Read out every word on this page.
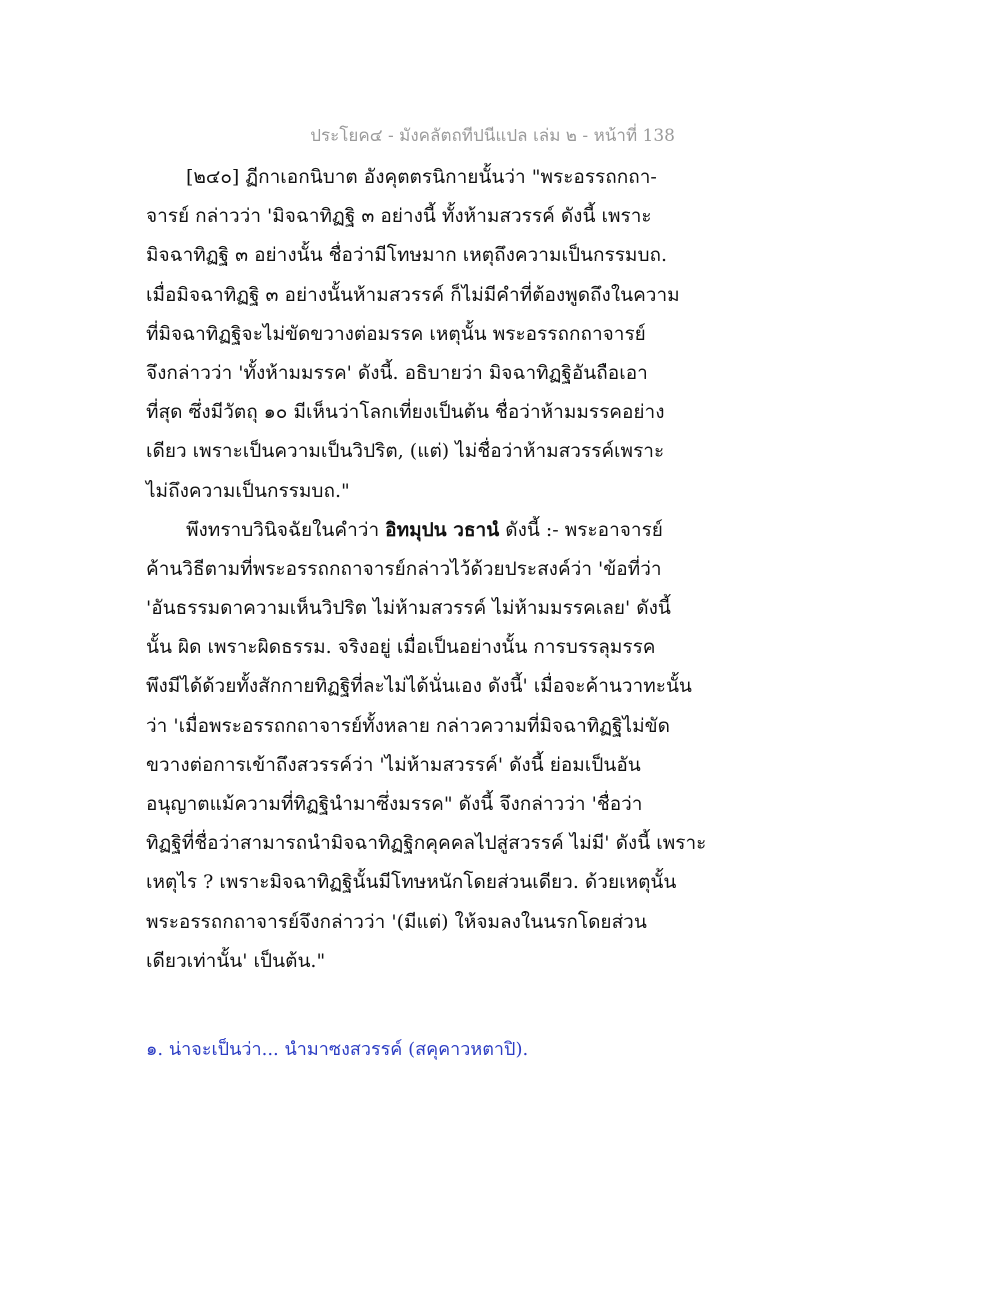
ประโยค๔ - มังคลัตถทีปนีแปล เล่ม ๒ - หน้าที่ 138
[๒๔๐] ฏีกาเอกนิบาต อังคุตตรนิกายนั้นว่า "พระอรรถกถา-
จารย์ กล่าวว่า 'มิจฉาทิฏฐิ ๓ อย่างนี้ ทั้งห้ามสวรรค์ ดังนี้ เพราะ
มิจฉาทิฏฐิ ๓ อย่างนั้น ชื่อว่ามีโทษมาก เหตุถึงความเป็นกรรมบถ.
เมื่อมิจฉาทิฏฐิ ๓ อย่างนั้นห้ามสวรรค์ ก็ไม่มีคำที่ต้องพูดถึงในความ
ที่มิจฉาทิฏฐิจะไม่ขัดขวางต่อมรรค เหตุนั้น พระอรรถกถาจารย์
จึงกล่าวว่า 'ทั้งห้ามมรรค' ดังนี้. อธิบายว่า มิจฉาทิฏฐิอันถือเอา
ที่สุด ซึ่งมีวัตถุ ๑๐ มีเห็นว่าโลกเที่ยงเป็นต้น ชื่อว่าห้ามมรรคอย่าง
เดียว เพราะเป็นความเป็นวิปริต, (แต่) ไม่ชื่อว่าห้ามสวรรค์เพราะ
ไม่ถึงความเป็นกรรมบถ."
พึงทราบวินิจฉัยในคำว่า อิทมุปน วธานํ ดังนี้ :- พระอาจารย์
ค้านวิธีตามที่พระอรรถกถาจารย์กล่าวไว้ด้วยประสงค์ว่า 'ข้อที่ว่า
'อันธรรมดาความเห็นวิปริต ไม่ห้ามสวรรค์ ไม่ห้ามมรรคเลย' ดังนี้
นั้น ผิด เพราะผิดธรรม. จริงอยู่ เมื่อเป็นอย่างนั้น การบรรลุมรรค
พึงมีได้ด้วยทั้งสักกายทิฏฐิที่ละไม่ได้นั่นเอง ดังนี้' เมื่อจะค้านวาทะนั้น
ว่า 'เมื่อพระอรรถกถาจารย์ทั้งหลาย กล่าวความที่มิจฉาทิฏฐิไม่ขัด
ขวางต่อการเข้าถึงสวรรค์ว่า 'ไม่ห้ามสวรรค์' ดังนี้ ย่อมเป็นอัน
อนุญาตแม้ความที่ทิฏฐินำมาซึ่งมรรค" ดังนี้ จึงกล่าวว่า 'ชื่อว่า
ทิฏฐิที่ชื่อว่าสามารถนำมิจฉาทิฏฐิกคุคคลไปสู่สวรรค์ ไม่มี' ดังนี้ เพราะ
เหตุไร ? เพราะมิจฉาทิฏฐินั้นมีโทษหนักโดยส่วนเดียว. ด้วยเหตุนั้น
พระอรรถกถาจารย์จึงกล่าวว่า '(มีแต่) ให้จมลงในนรกโดยส่วน
เดียวเท่านั้น' เป็นต้น."
๑. น่าจะเป็นว่า... นำมาซงสวรรค์ (สคุคาวหตาปิ).
